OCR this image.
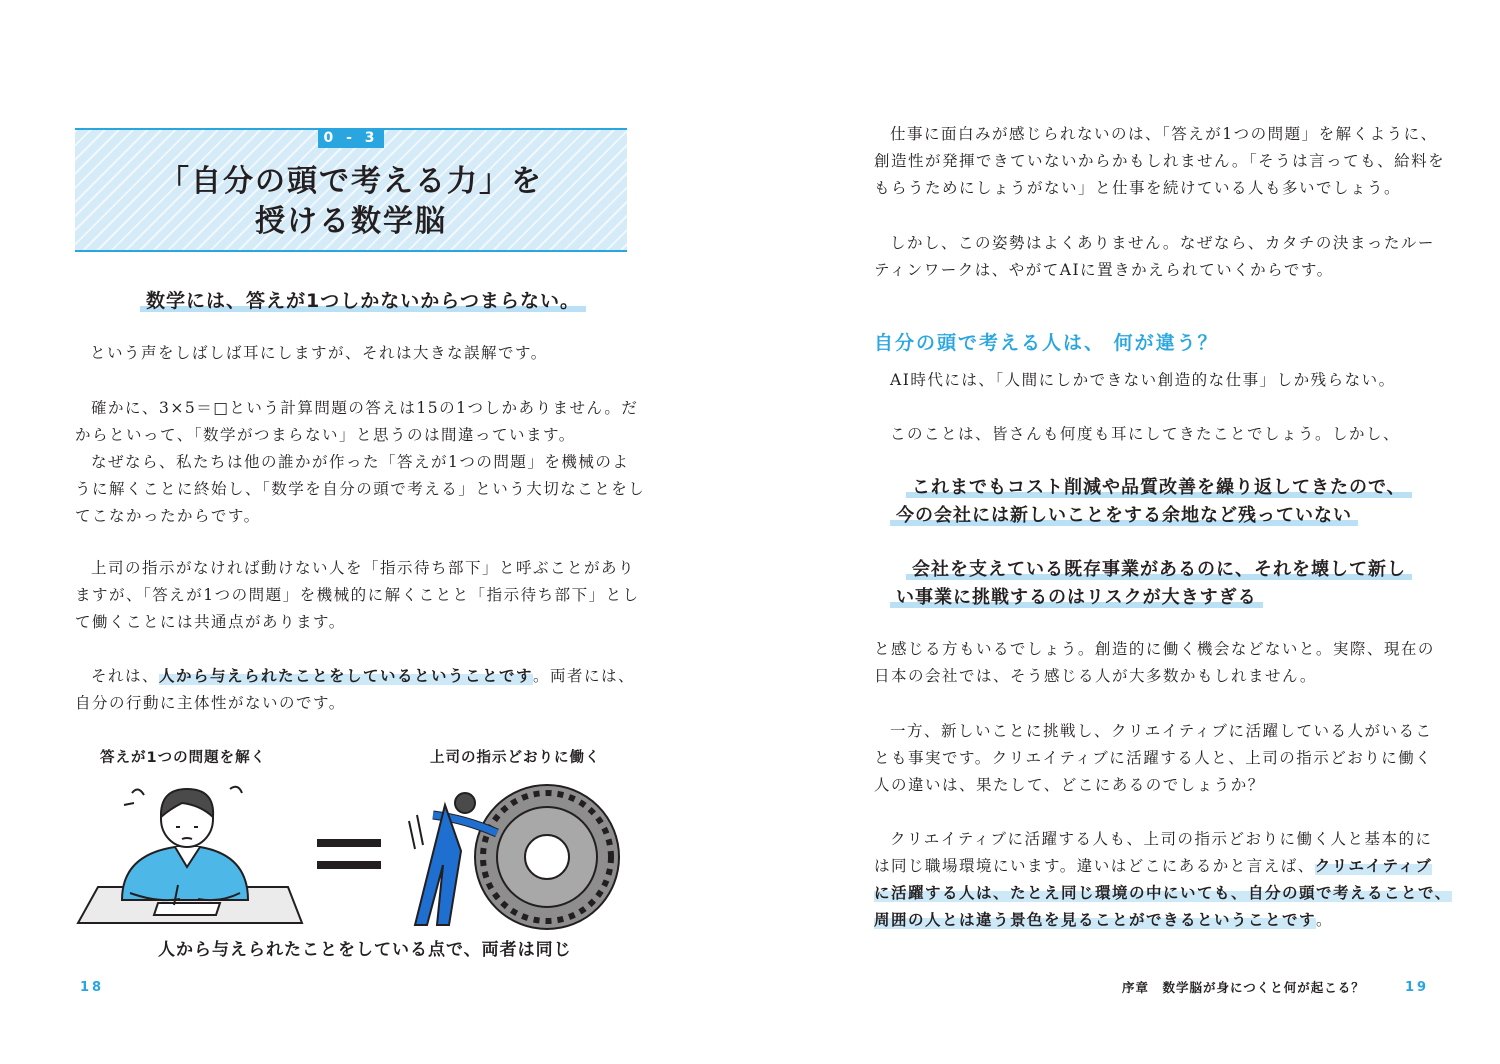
0 - 3
「自分の頭で考える力」を
授ける数学脳
数学には、答えが1つしかないからつまらない。
という声をしばしば耳にしますが、それは大きな誤解です。
確かに、3×5＝□という計算問題の答えは15の1つしかありません。だ
からといって、「数学がつまらない」と思うのは間違っています。
なぜなら、私たちは他の誰かが作った「答えが1つの問題」を機械のよ
うに解くことに終始し、「数学を自分の頭で考える」という大切なことをし
てこなかったからです。
上司の指示がなければ動けない人を「指示待ち部下」と呼ぶことがあり
ますが、「答えが1つの問題」を機械的に解くことと「指示待ち部下」とし
て働くことには共通点があります。
それは、人から与えられたことをしているということです。両者には、
自分の行動に主体性がないのです。
答えが1つの問題を解く	上司の指示どおりに働く
人から与えられたことをしている点で、両者は同じ
18
仕事に面白みが感じられないのは、「答えが1つの問題」を解くように、
創造性が発揮できていないからかもしれません。「そうは言っても、給料を
もらうためにしょうがない」と仕事を続けている人も多いでしょう。
しかし、この姿勢はよくありません。なぜなら、カタチの決まったルー
ティンワークは、やがてAIに置きかえられていくからです。
自分の頭で考える人は、 何が違う？
AI時代には、「人間にしかできない創造的な仕事」しか残らない。
このことは、皆さんも何度も耳にしてきたことでしょう。しかし、
これまでもコスト削減や品質改善を繰り返してきたので、
今の会社には新しいことをする余地など残っていない
会社を支えている既存事業があるのに、それを壊して新し
い事業に挑戦するのはリスクが大きすぎる
と感じる方もいるでしょう。創造的に働く機会などないと。実際、現在の
日本の会社では、そう感じる人が大多数かもしれません。
一方、新しいことに挑戦し、クリエイティブに活躍している人がいるこ
とも事実です。クリエイティブに活躍する人と、上司の指示どおりに働く
人の違いは、果たして、どこにあるのでしょうか？
クリエイティブに活躍する人も、上司の指示どおりに働く人と基本的に
は同じ職場環境にいます。違いはどこにあるかと言えば、クリエイティブ
に活躍する人は、たとえ同じ環境の中にいても、自分の頭で考えることで、
周囲の人とは違う景色を見ることができるということです。
序章　数学脳が身につくと何が起こる？	19
